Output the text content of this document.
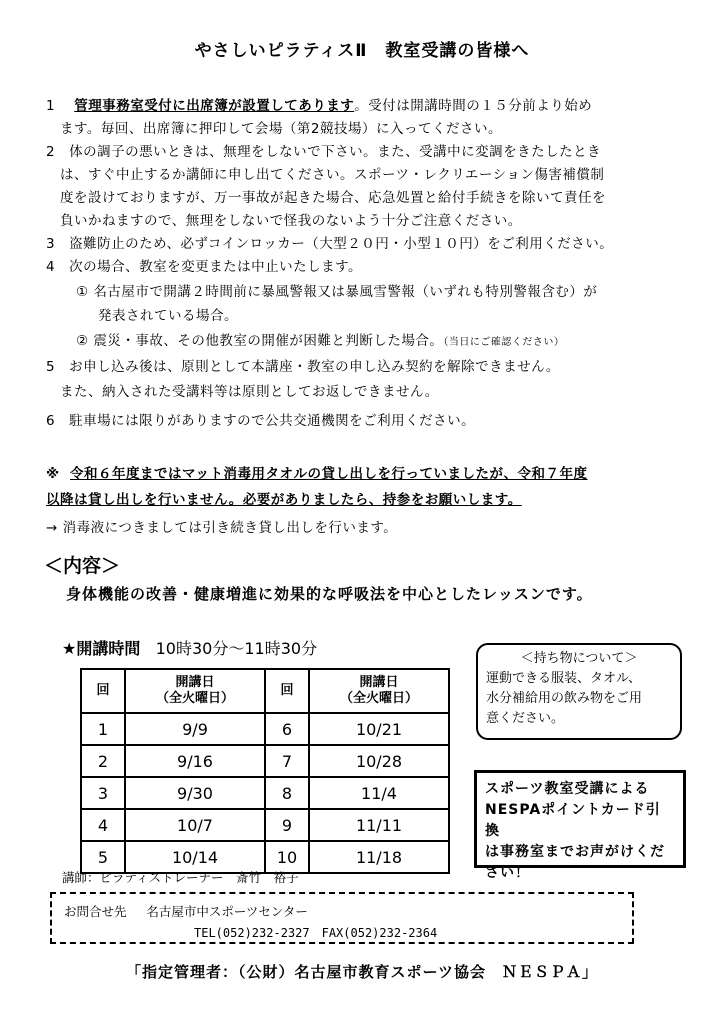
やさしいピラティスⅡ　教室受講の皆様へ
1 管理事務室受付に出席簿が設置してあります。受付は開講時間の１５分前より始め
ます。毎回、出席簿に押印して会場（第2競技場）に入ってください。
2　体の調子の悪いときは、無理をしないで下さい。また、受講中に変調をきたしたとき
は、すぐ中止するか講師に申し出てください。スポーツ・レクリエーション傷害補償制
度を設けておりますが、万一事故が起きた場合、応急処置と給付手続きを除いて責任を
負いかねますので、無理をしないで怪我のないよう十分ご注意ください。
3　盗難防止のため、必ずコインロッカー（大型２０円・小型１０円）をご利用ください。
4　次の場合、教室を変更または中止いたします。
① 名古屋市で開講２時間前に暴風警報又は暴風雪警報（いずれも特別警報含む）が
発表されている場合。
② 震災・事故、その他教室の開催が困難と判断した場合。（当日にご確認ください）
5　お申し込み後は、原則として本講座・教室の申し込み契約を解除できません。
また、納入された受講料等は原則としてお返しできません。
6　駐車場には限りがありますので公共交通機関をご利用ください。
※ 令和６年度まではマット消毒用タオルの貸し出しを行っていましたが、令和７年度
以降は貸し出しを行いません。必要がありましたら、持参をお願いします。
→ 消毒液につきましては引き続き貸し出しを行います。
＜内容＞
身体機能の改善・健康増進に効果的な呼吸法を中心としたレッスンです。
★開講時間 10時30分～11時30分
回	開講日
（全火曜日）	回	開講日
（全火曜日）
1	9/9	6	10/21
2	9/16	7	10/28
3	9/30	8	11/4
4	10/7	9	11/11
5	10/14	10	11/18
＜持ち物について＞
運動できる服装、タオル、
水分補給用の飲み物をご用
意ください。
スポーツ教室受講による
NESPAポイントカード引換
は事務室までお声がけくだ
さい！
講師：ピラティストレーナー　斎竹　裕子
お問合せ先 名古屋市中スポーツセンター
TEL(052)232-2327　FAX(052)232-2364
「指定管理者：（公財）名古屋市教育スポーツ協会　ＮＥＳＰＡ」
